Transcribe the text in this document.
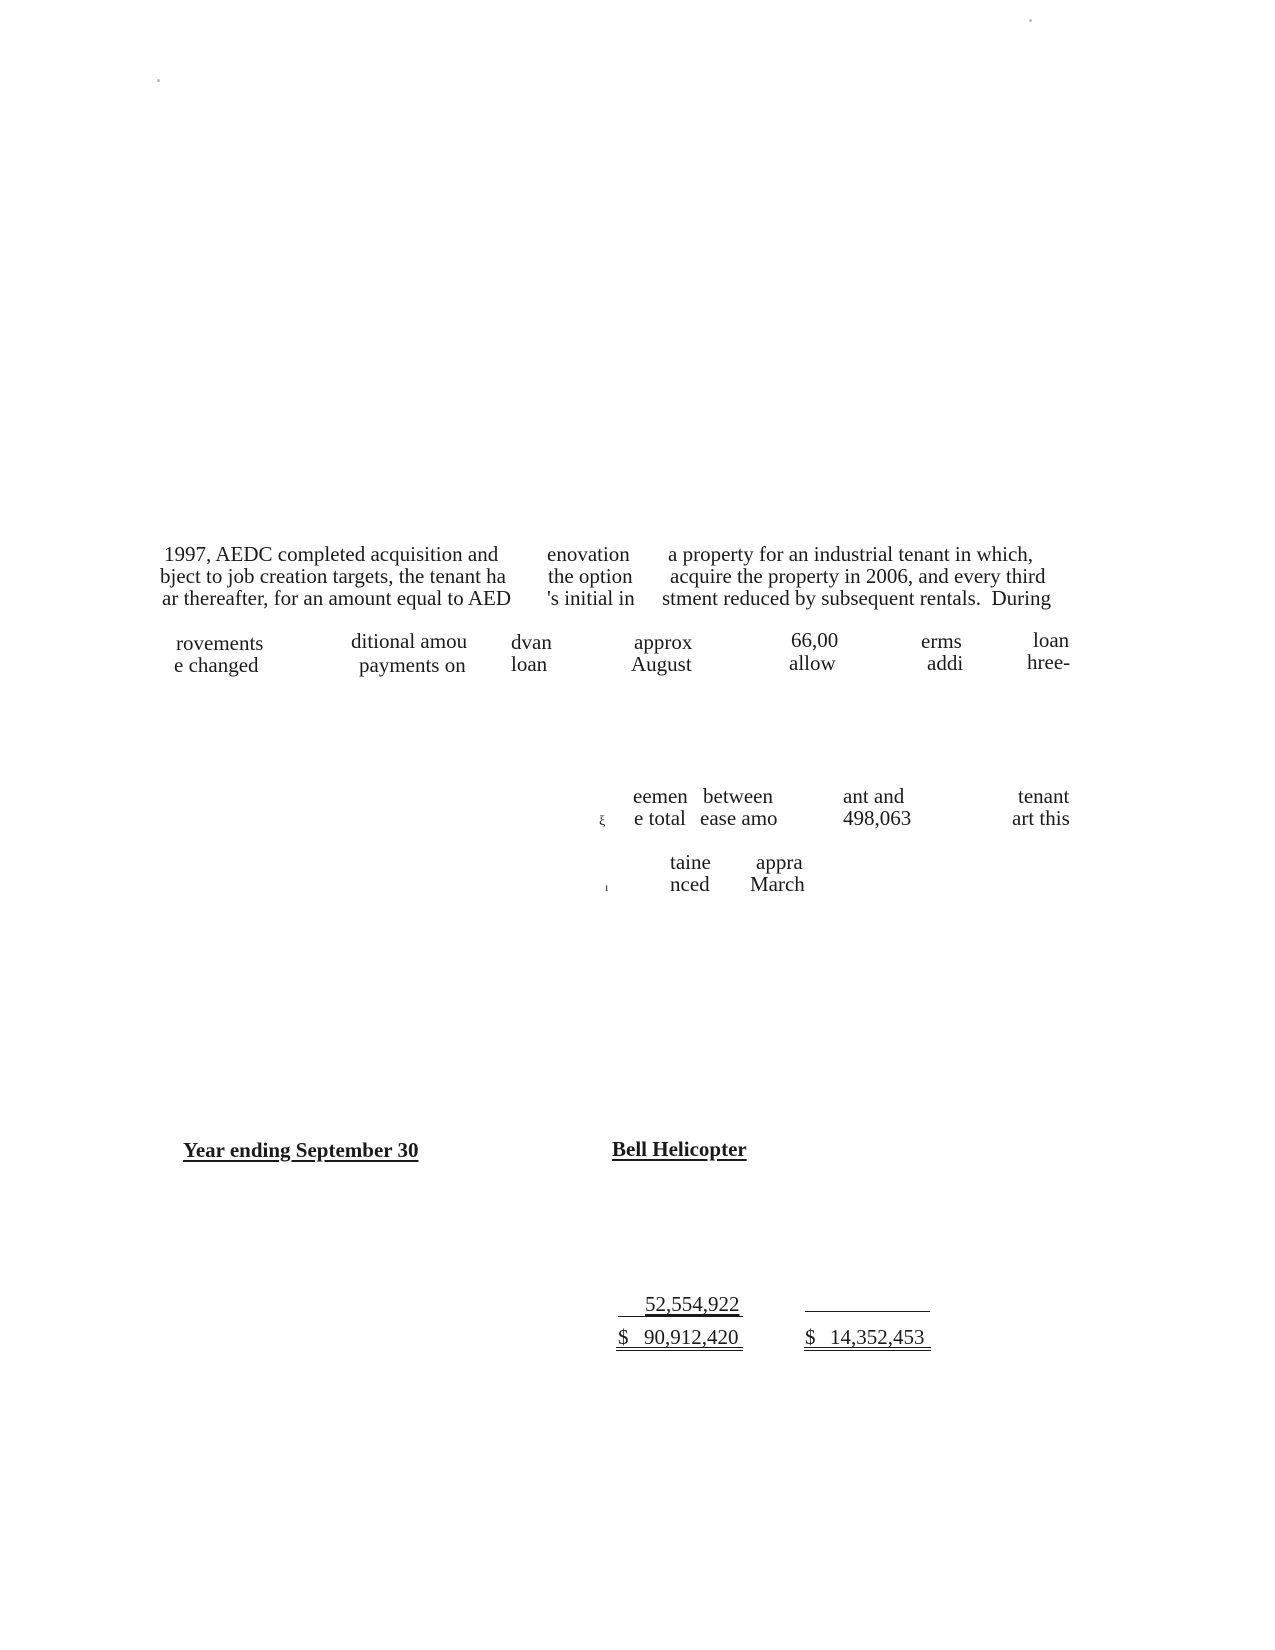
1997, AEDC completed acquisition and enovation a property for an industrial tenant in which,
bject to job creation targets, the tenant ha the option acquire the property in 2006, and every third
ar thereafter, for an amount equal to AED 's initial in stment reduced by subsequent rentals.  During
rovements	ditional amou dvan	approx	66,00	erms	loan
e changed	payments on loan	August	allow	addi	hree-
eemen between	ant and	tenant
ξ e total ease amo	498,063	art this
taine appra
ı	nced March
Year ending September 30	Bell Helicopter
52,554,922
$ 90,912,420	$ 14,352,453
